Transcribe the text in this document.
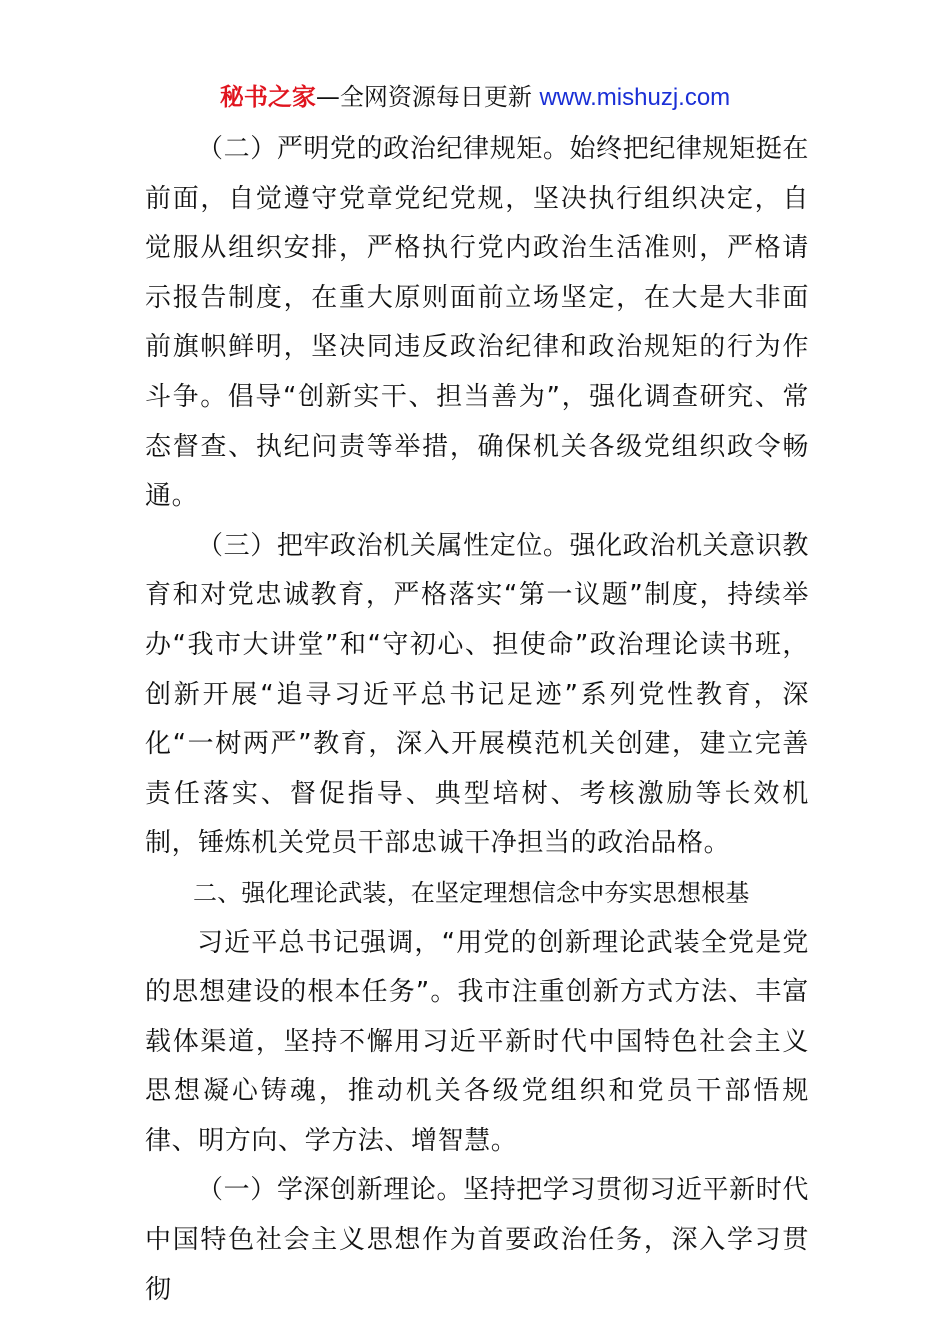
秘书之家—全网资源每日更新 www.mishuzj.com

（二）严明党的政治纪律规矩。始终把纪律规矩挺在前面，自觉遵守党章党纪党规，坚决执行组织决定，自觉服从组织安排，严格执行党内政治生活准则，严格请示报告制度，在重大原则面前立场坚定，在大是大非面前旗帜鲜明，坚决同违反政治纪律和政治规矩的行为作斗争。倡导“创新实干、担当善为”，强化调查研究、常态督查、执纪问责等举措，确保机关各级党组织政令畅通。

（三）把牢政治机关属性定位。强化政治机关意识教育和对党忠诚教育，严格落实“第一议题”制度，持续举办“我市大讲堂”和“守初心、担使命”政治理论读书班，创新开展“追寻习近平总书记足迹”系列党性教育，深化“一树两严”教育，深入开展模范机关创建，建立完善责任落实、督促指导、典型培树、考核激励等长效机制，锤炼机关党员干部忠诚干净担当的政治品格。

二、强化理论武装，在坚定理想信念中夯实思想根基

习近平总书记强调，“用党的创新理论武装全党是党的思想建设的根本任务”。我市注重创新方式方法、丰富载体渠道，坚持不懈用习近平新时代中国特色社会主义思想凝心铸魂，推动机关各级党组织和党员干部悟规律、明方向、学方法、增智慧。

（一）学深创新理论。坚持把学习贯彻习近平新时代中国特色社会主义思想作为首要政治任务，深入学习贯彻
